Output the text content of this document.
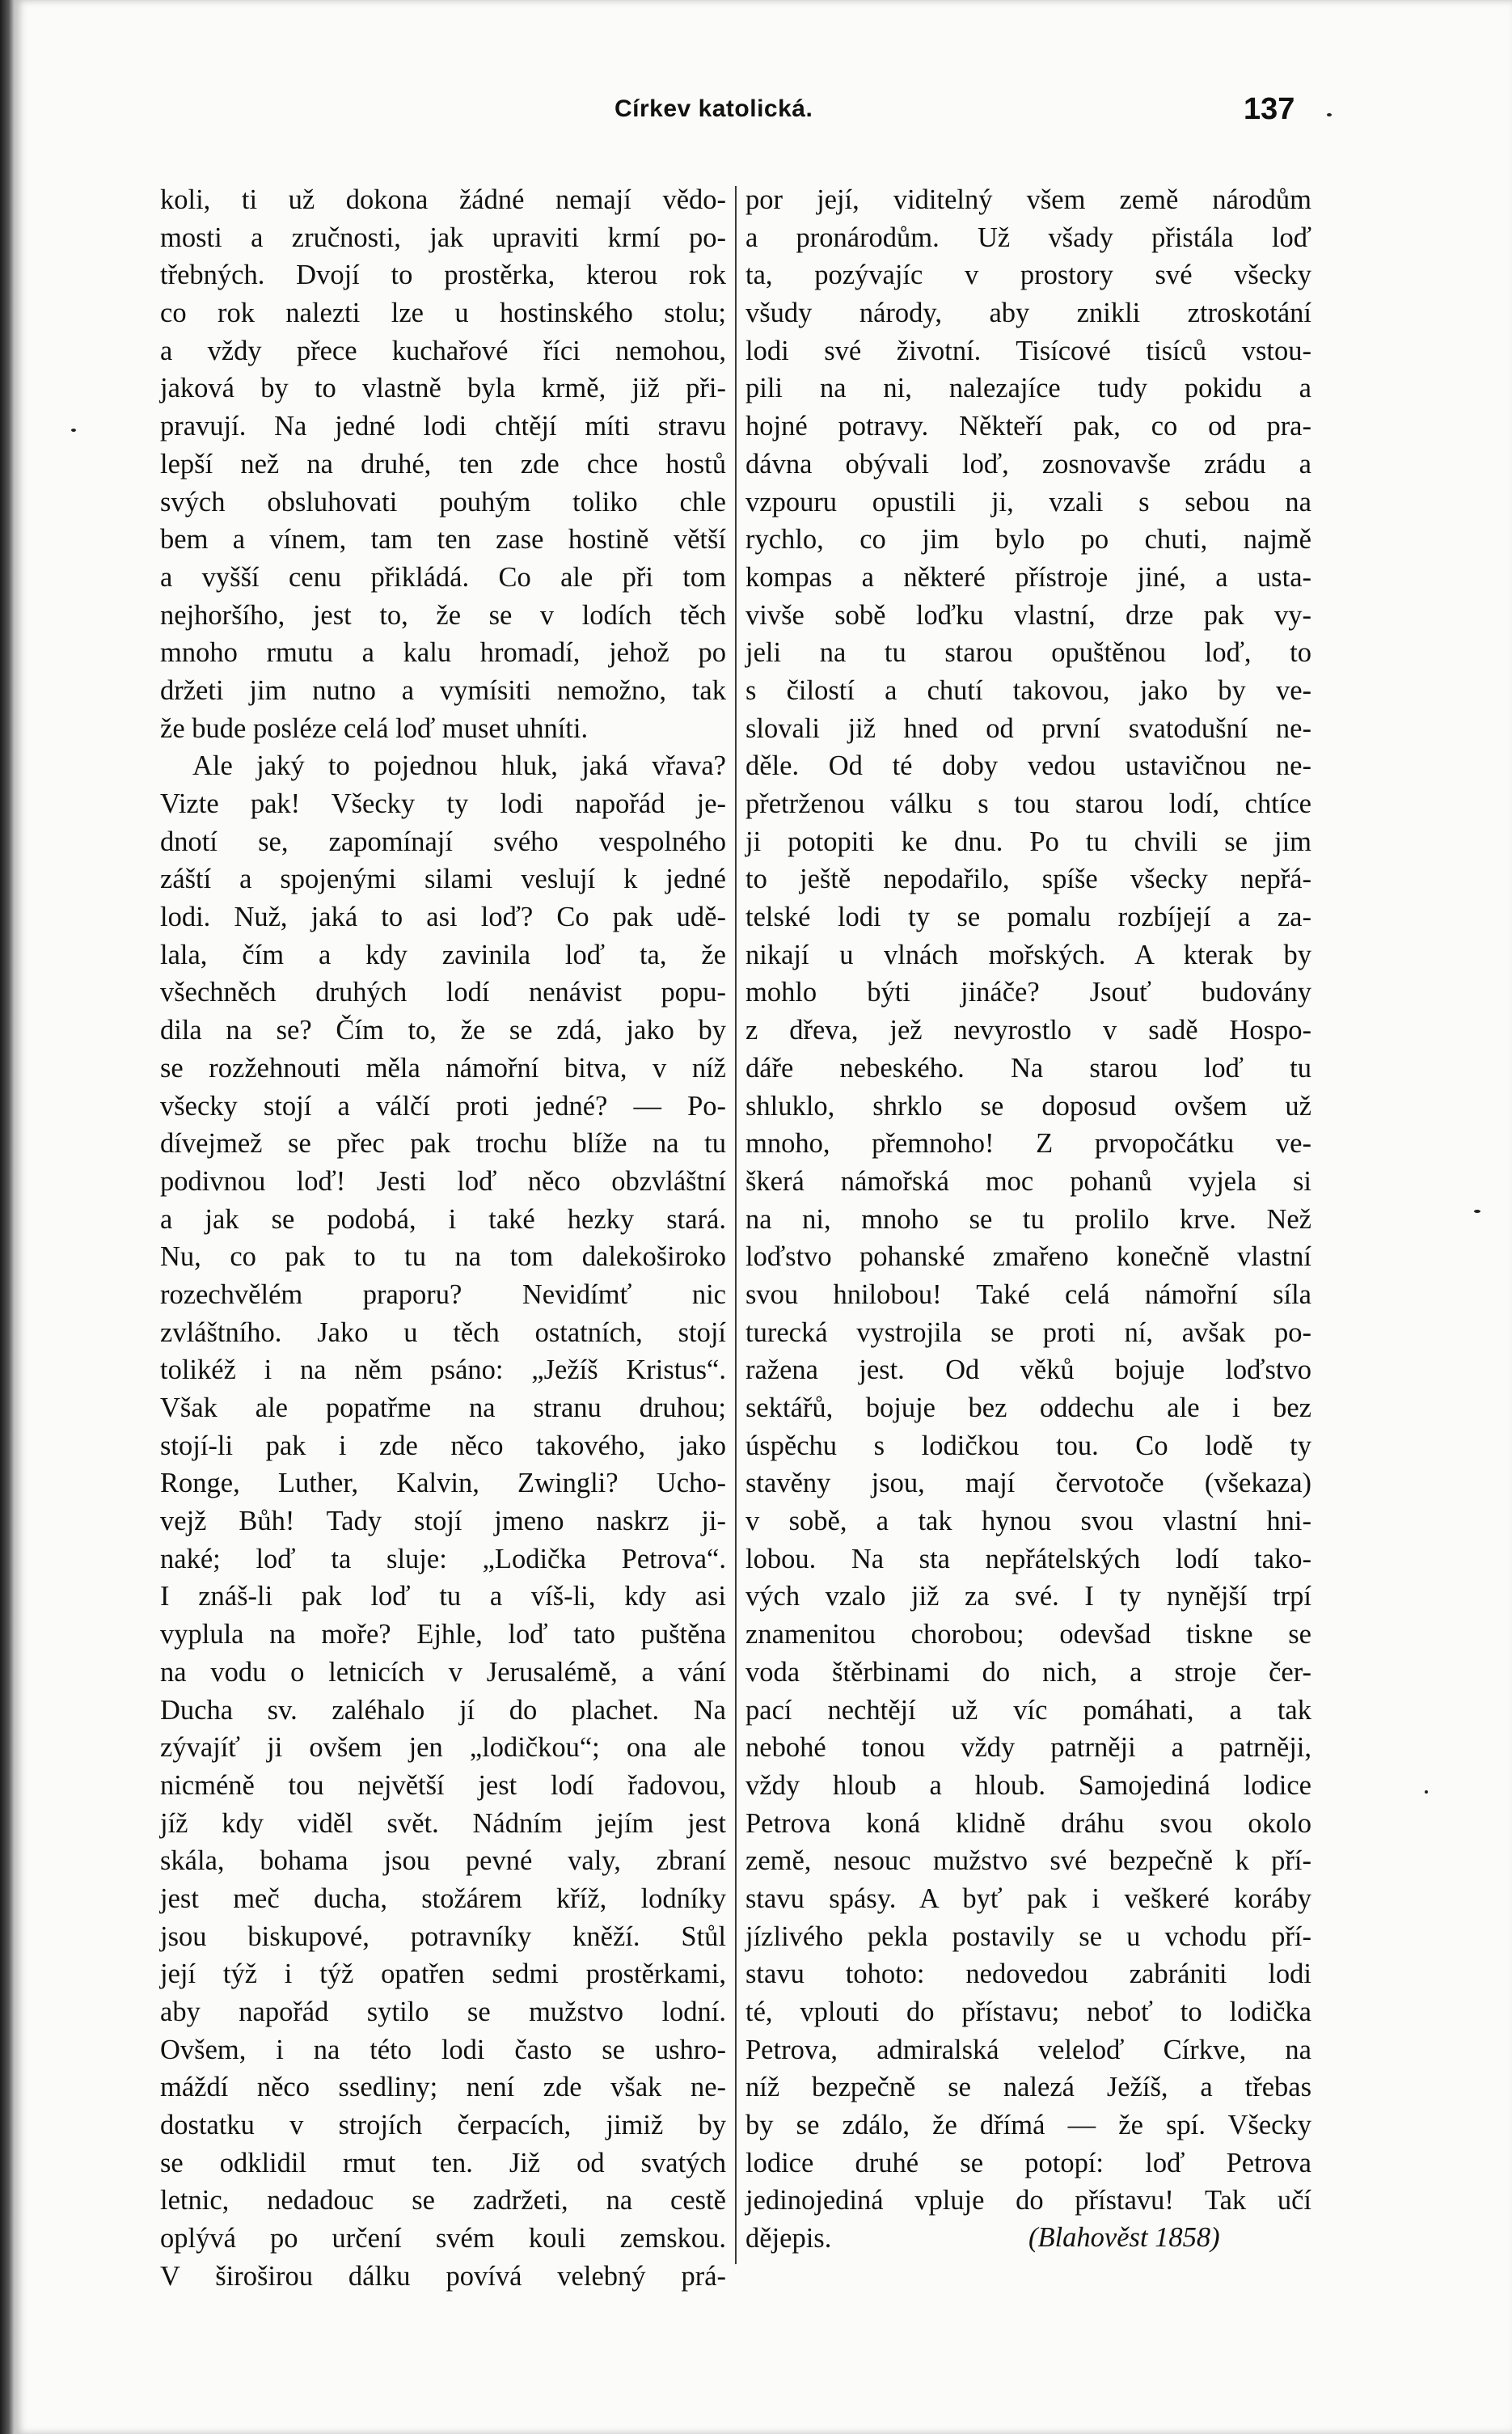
Církev katolická.	137
koli, ti už dokona žádné nemají vědo-
mosti a zručnosti, jak upraviti krmí po-
třebných. Dvojí to prostěrka, kterou rok
co rok nalezti lze u hostinského stolu;
a vždy přece kuchařové říci nemohou,
jaková by to vlastně byla krmě, již při-
pravují. Na jedné lodi chtějí míti stravu
lepší než na druhé, ten zde chce hostů
svých obsluhovati pouhým toliko chle
bem a vínem, tam ten zase hostině větší
a vyšší cenu přikládá. Co ale při tom
nejhoršího, jest to, že se v lodích těch
mnoho rmutu a kalu hromadí, jehož po
držeti jim nutno a vymísiti nemožno, tak
že bude posléze celá loď muset uhníti.
Ale jaký to pojednou hluk, jaká vřava?
Vizte pak! Všecky ty lodi napořád je-
dnotí se, zapomínají svého vespolného
záští a spojenými silami veslují k jedné
lodi. Nuž, jaká to asi loď? Co pak udě-
lala, čím a kdy zavinila loď ta, že
všechněch druhých lodí nenávist popu-
dila na se? Čím to, že se zdá, jako by
se rozžehnouti měla námořní bitva, v níž
všecky stojí a válčí proti jedné? — Po-
dívejmež se přec pak trochu blíže na tu
podivnou loď! Jesti loď něco obzvláštní
a jak se podobá, i také hezky stará.
Nu, co pak to tu na tom dalekoširoko
rozechvělém praporu? Nevidímť nic
zvláštního. Jako u těch ostatních, stojí
tolikéž i na něm psáno: „Ježíš Kristus“.
Však ale popatřme na stranu druhou;
stojí-li pak i zde něco takového, jako
Ronge, Luther, Kalvin, Zwingli? Ucho-
vejž Bůh! Tady stojí jmeno naskrz ji-
naké; loď ta sluje: „Lodička Petrova“.
I znáš-li pak loď tu a víš-li, kdy asi
vyplula na moře? Ejhle, loď tato puštěna
na vodu o letnicích v Jerusalémě, a vání
Ducha sv. zaléhalo jí do plachet. Na
zývajíť ji ovšem jen „lodičkou“; ona ale
nicméně tou největší jest lodí řadovou,
jíž kdy viděl svět. Nádním jejím jest
skála, bohama jsou pevné valy, zbraní
jest meč ducha, stožárem kříž, lodníky
jsou biskupové, potravníky kněží. Stůl
její týž i týž opatřen sedmi prostěrkami,
aby napořád sytilo se mužstvo lodní.
Ovšem, i na této lodi často se ushro-
máždí něco ssedliny; není zde však ne-
dostatku v strojích čerpacích, jimiž by
se odklidil rmut ten. Již od svatých
letnic, nedadouc se zadržeti, na cestě
oplývá po určení svém kouli zemskou.
V široširou dálku povívá velebný prá-
por její, viditelný všem země národům
a pronárodům. Už všady přistála loď
ta, pozývajíc v prostory své všecky
všudy národy, aby znikli ztroskotání
lodi své životní. Tisícové tisíců vstou-
pili na ni, nalezajíce tudy pokidu a
hojné potravy. Někteří pak, co od pra-
dávna obývali loď, zosnovavše zrádu a
vzpouru opustili ji, vzali s sebou na
rychlo, co jim bylo po chuti, najmě
kompas a některé přístroje jiné, a usta-
vivše sobě loďku vlastní, drze pak vy-
jeli na tu starou opuštěnou loď, to
s čilostí a chutí takovou, jako by ve-
slovali již hned od první svatodušní ne-
děle. Od té doby vedou ustavičnou ne-
přetrženou válku s tou starou lodí, chtíce
ji potopiti ke dnu. Po tu chvili se jim
to ještě nepodařilo, spíše všecky nepřá-
telské lodi ty se pomalu rozbíjejí a za-
nikají u vlnách mořských. A kterak by
mohlo býti jináče? Jsouť budovány
z dřeva, jež nevyrostlo v sadě Hospo-
dáře nebeského. Na starou loď tu
shluklo, shrklo se doposud ovšem už
mnoho, přemnoho! Z prvopočátku ve-
škerá námořská moc pohanů vyjela si
na ni, mnoho se tu prolilo krve. Než
loďstvo pohanské zmařeno konečně vlastní
svou hnilobou! Také celá námořní síla
turecká vystrojila se proti ní, avšak po-
ražena jest. Od věků bojuje loďstvo
sektářů, bojuje bez oddechu ale i bez
úspěchu s lodičkou tou. Co lodě ty
stavěny jsou, mají červotoče (všekaza)
v sobě, a tak hynou svou vlastní hni-
lobou. Na sta nepřátelských lodí tako-
vých vzalo již za své. I ty nynější trpí
znamenitou chorobou; odevšad tiskne se
voda štěrbinami do nich, a stroje čer-
pací nechtějí už víc pomáhati, a tak
nebohé tonou vždy patrněji a patrněji,
vždy hloub a hloub. Samojediná lodice
Petrova koná klidně dráhu svou okolo
země, nesouc mužstvo své bezpečně k pří-
stavu spásy. A byť pak i veškeré koráby
jízlivého pekla postavily se u vchodu pří-
stavu tohoto: nedovedou zabrániti lodi
té, vplouti do přístavu; neboť to lodička
Petrova, admiralská veleloď Církve, na
níž bezpečně se nalezá Ježíš, a třebas
by se zdálo, že dřímá — že spí. Všecky
lodice druhé se potopí: loď Petrova
jedinojediná vpluje do přístavu! Tak učí
dějepis.	(Blahověst 1858)
